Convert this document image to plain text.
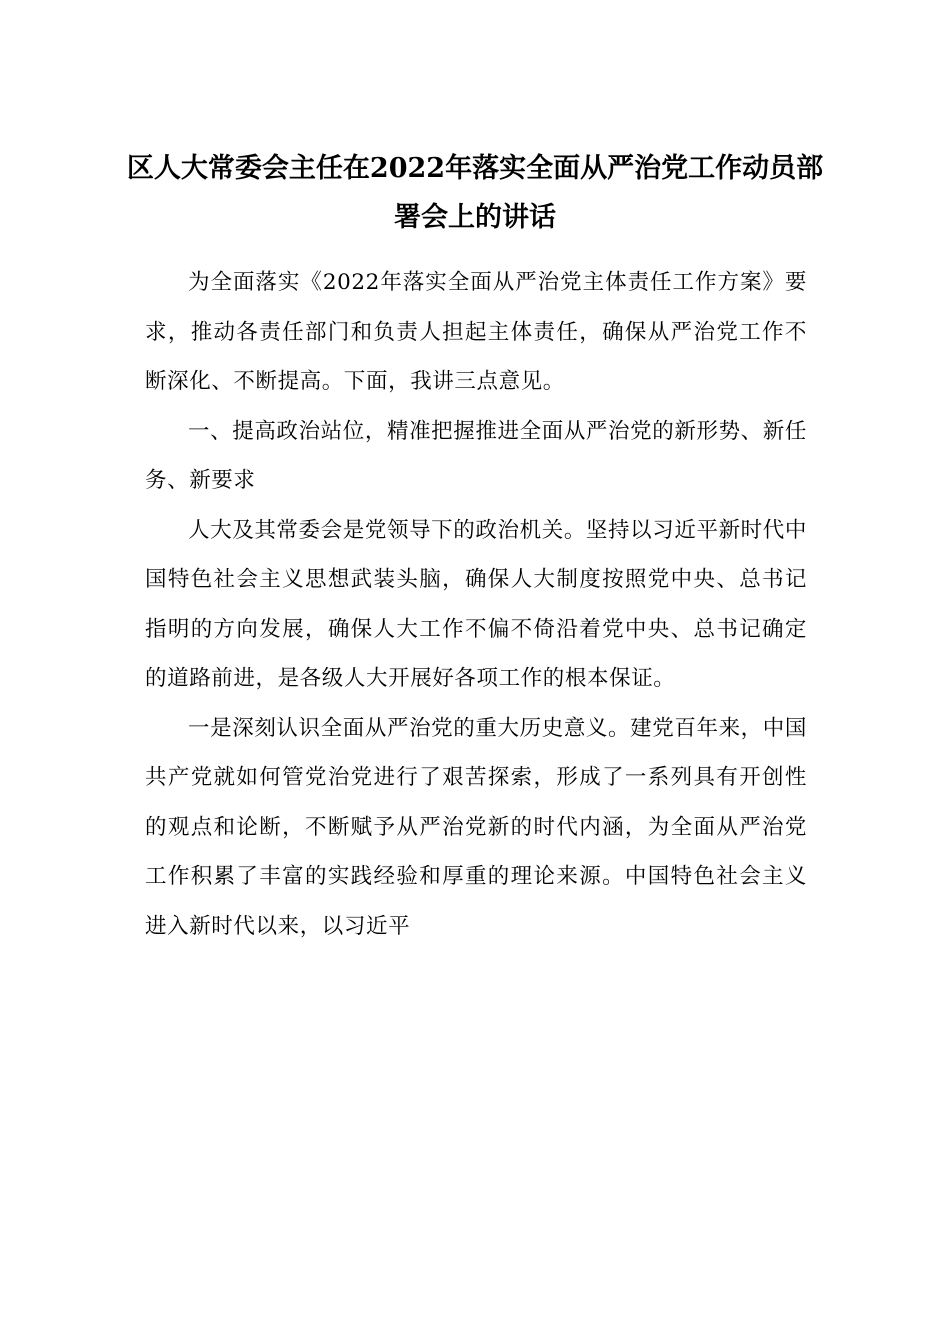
区人大常委会主任在2022年落实全面从严治党工作动员部
署会上的讲话

为全面落实《2022年落实全面从严治党主体责任工作方案》要求，推动各责任部门和负责人担起主体责任，确保从严治党工作不断深化、不断提高。下面，我讲三点意见。

一、提高政治站位，精准把握推进全面从严治党的新形势、新任务、新要求

人大及其常委会是党领导下的政治机关。坚持以习近平新时代中国特色社会主义思想武装头脑，确保人大制度按照党中央、总书记指明的方向发展，确保人大工作不偏不倚沿着党中央、总书记确定的道路前进，是各级人大开展好各项工作的根本保证。

一是深刻认识全面从严治党的重大历史意义。建党百年来，中国共产党就如何管党治党进行了艰苦探索，形成了一系列具有开创性的观点和论断，不断赋予从严治党新的时代内涵，为全面从严治党工作积累了丰富的实践经验和厚重的理论来源。中国特色社会主义进入新时代以来，以习近平
